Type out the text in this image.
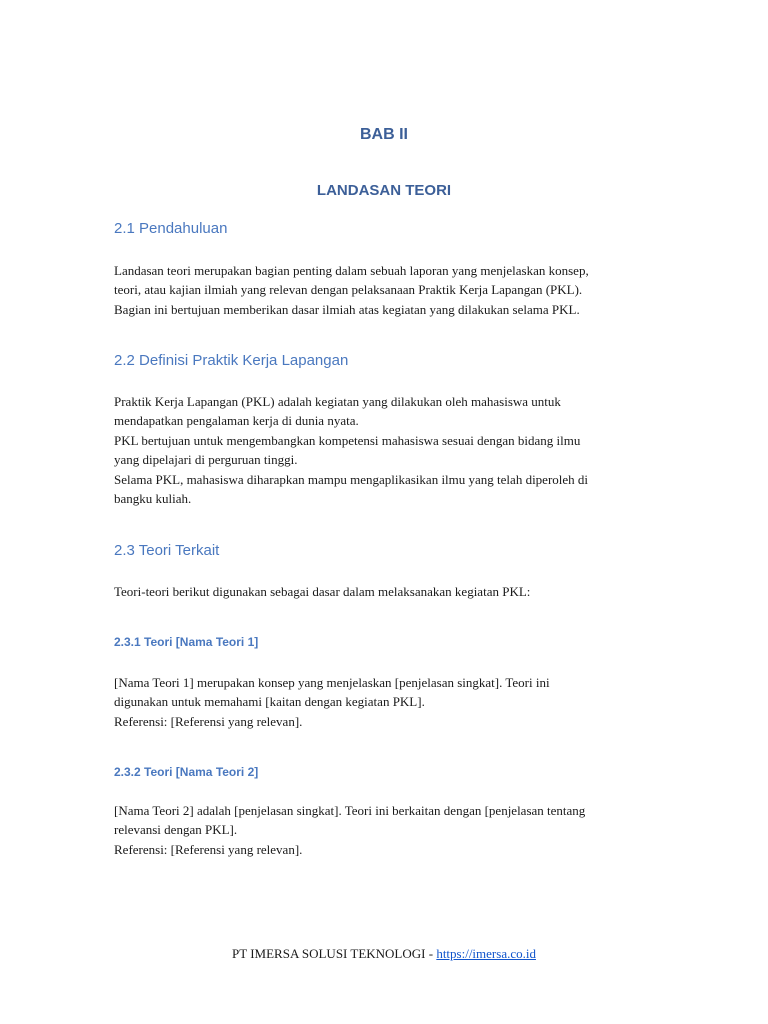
BAB II
LANDASAN TEORI
2.1 Pendahuluan
Landasan teori merupakan bagian penting dalam sebuah laporan yang menjelaskan konsep,
teori, atau kajian ilmiah yang relevan dengan pelaksanaan Praktik Kerja Lapangan (PKL).
Bagian ini bertujuan memberikan dasar ilmiah atas kegiatan yang dilakukan selama PKL.
2.2 Definisi Praktik Kerja Lapangan
Praktik Kerja Lapangan (PKL) adalah kegiatan yang dilakukan oleh mahasiswa untuk
mendapatkan pengalaman kerja di dunia nyata.
PKL bertujuan untuk mengembangkan kompetensi mahasiswa sesuai dengan bidang ilmu
yang dipelajari di perguruan tinggi.
Selama PKL, mahasiswa diharapkan mampu mengaplikasikan ilmu yang telah diperoleh di
bangku kuliah.
2.3 Teori Terkait
Teori-teori berikut digunakan sebagai dasar dalam melaksanakan kegiatan PKL:
2.3.1 Teori [Nama Teori 1]
[Nama Teori 1] merupakan konsep yang menjelaskan [penjelasan singkat]. Teori ini
digunakan untuk memahami [kaitan dengan kegiatan PKL].
Referensi: [Referensi yang relevan].
2.3.2 Teori [Nama Teori 2]
[Nama Teori 2] adalah [penjelasan singkat]. Teori ini berkaitan dengan [penjelasan tentang
relevansi dengan PKL].
Referensi: [Referensi yang relevan].
PT IMERSA SOLUSI TEKNOLOGI - https://imersa.co.id
